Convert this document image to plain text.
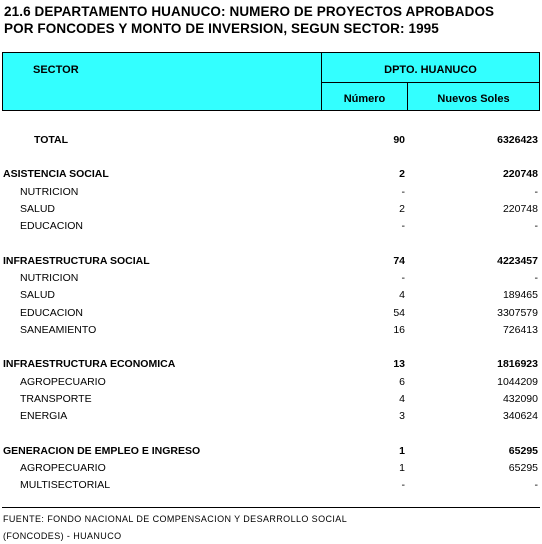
21.6 DEPARTAMENTO HUANUCO: NUMERO DE PROYECTOS APROBADOS
POR FONCODES Y MONTO DE INVERSION, SEGUN SECTOR: 1995
SECTOR	DPTO. HUANUCO
Número	Nuevos Soles
TOTAL	90	6326423
ASISTENCIA SOCIAL	2	220748
NUTRICION	-	-
SALUD	2	220748
EDUCACION	-	-
INFRAESTRUCTURA SOCIAL	74	4223457
NUTRICION	-	-
SALUD	4	189465
EDUCACION	54	3307579
SANEAMIENTO	16	726413
INFRAESTRUCTURA ECONOMICA	13	1816923
AGROPECUARIO	6	1044209
TRANSPORTE	4	432090
ENERGIA	3	340624
GENERACION DE EMPLEO E INGRESO	1	65295
AGROPECUARIO	1	65295
MULTISECTORIAL	-	-
FUENTE: FONDO NACIONAL DE COMPENSACION Y DESARROLLO SOCIAL
(FONCODES) - HUANUCO
